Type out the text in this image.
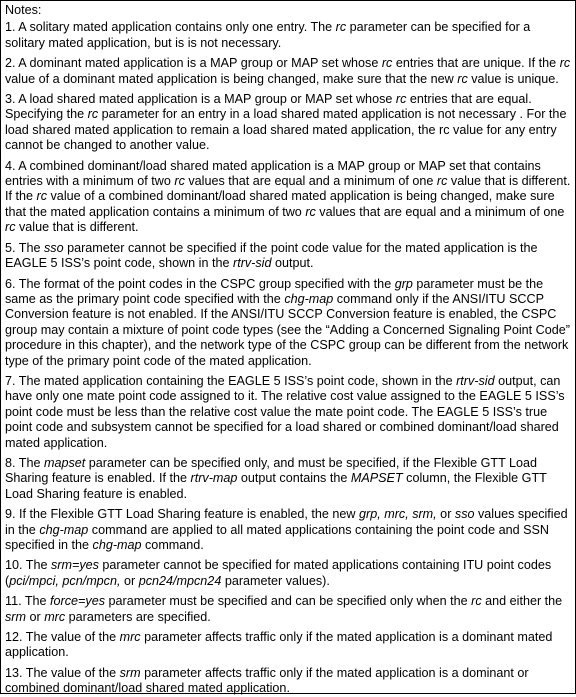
Notes:

1. A solitary mated application contains only one entry. The rc parameter can be specified for a solitary mated application, but is is not necessary.

2. A dominant mated application is a MAP group or MAP set whose rc entries that are unique. If the rc value of a dominant mated application is being changed, make sure that the new rc value is unique.

3. A load shared mated application is a MAP group or MAP set whose rc entries that are equal. Specifying the rc parameter for an entry in a load shared mated application is not necessary . For the load shared mated application to remain a load shared mated application, the rc value for any entry cannot be changed to another value.

4. A combined dominant/load shared mated application is a MAP group or MAP set that contains entries with a minimum of two rc values that are equal and a minimum of one rc value that is different. If the rc value of a combined dominant/load shared mated application is being changed, make sure that the mated application contains a minimum of two rc values that are equal and a minimum of one rc value that is different.

5. The sso parameter cannot be specified if the point code value for the mated application is the EAGLE 5 ISS’s point code, shown in the rtrv-sid output.

6. The format of the point codes in the CSPC group specified with the grp parameter must be the same as the primary point code specified with the chg-map command only if the ANSI/ITU SCCP Conversion feature is not enabled. If the ANSI/ITU SCCP Conversion feature is enabled, the CSPC group may contain a mixture of point code types (see the “Adding a Concerned Signaling Point Code” procedure in this chapter), and the network type of the CSPC group can be different from the network type of the primary point code of the mated application.

7. The mated application containing the EAGLE 5 ISS’s point code, shown in the rtrv-sid output, can have only one mate point code assigned to it. The relative cost value assigned to the EAGLE 5 ISS’s point code must be less than the relative cost value the mate point code. The EAGLE 5 ISS’s true point code and subsystem cannot be specified for a load shared or combined dominant/load shared mated application.

8. The mapset parameter can be specified only, and must be specified, if the Flexible GTT Load Sharing feature is enabled. If the rtrv-map output contains the MAPSET column, the Flexible GTT Load Sharing feature is enabled.

9. If the Flexible GTT Load Sharing feature is enabled, the new grp, mrc, srm, or sso values specified in the chg-map command are applied to all mated applications containing the point code and SSN specified in the chg-map command.

10. The srm=yes parameter cannot be specified for mated applications containing ITU point codes (pci/mpci, pcn/mpcn, or pcn24/mpcn24 parameter values).

11. The force=yes parameter must be specified and can be specified only when the rc and either the srm or mrc parameters are specified.

12. The value of the mrc parameter affects traffic only if the mated application is a dominant mated application.

13. The value of the srm parameter affects traffic only if the mated application is a dominant or combined dominant/load shared mated application.
